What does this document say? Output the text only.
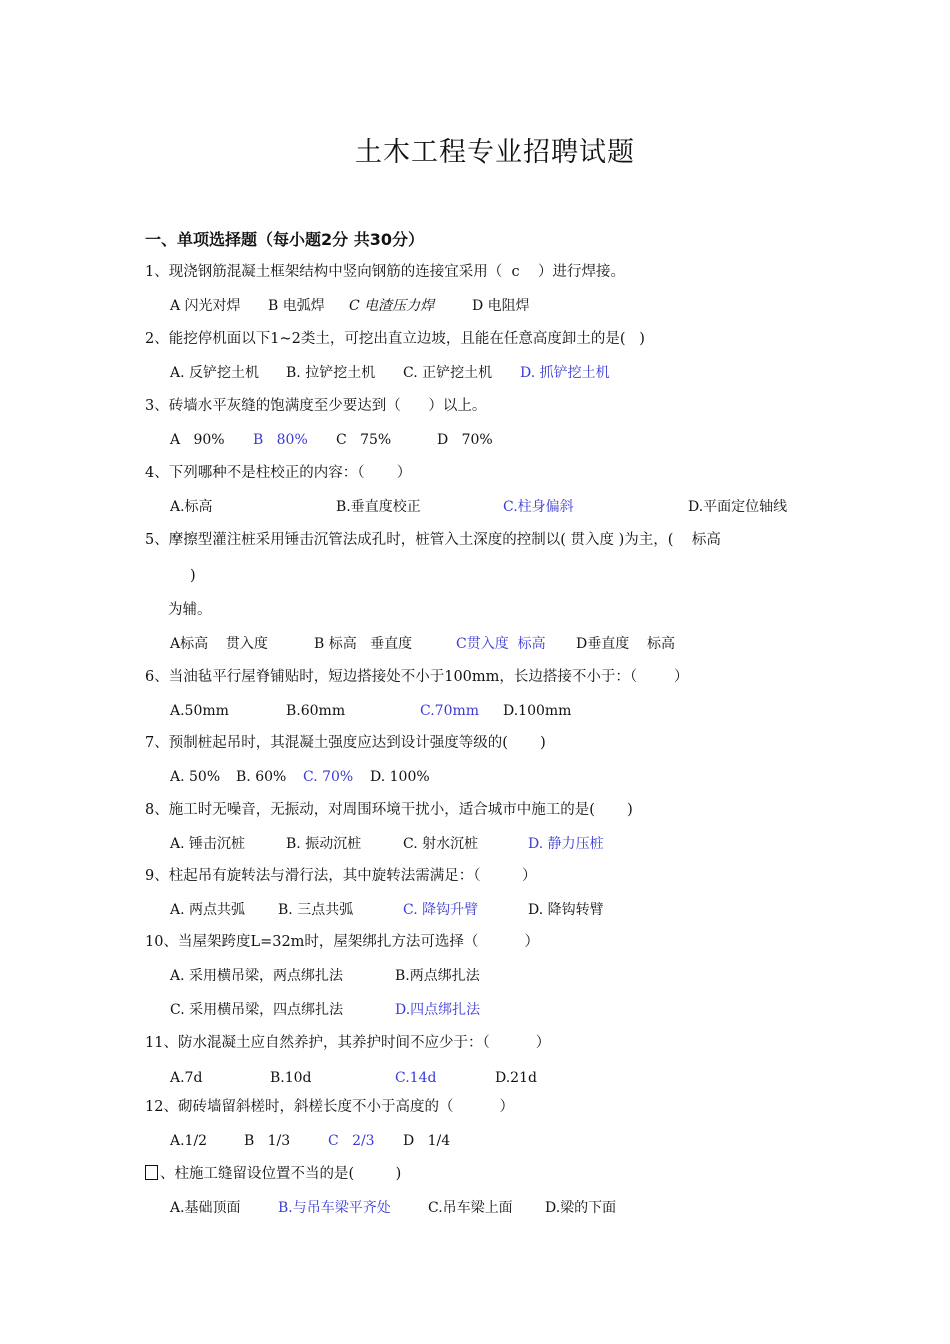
土木工程专业招聘试题
一、单项选择题（每小题2分 共30分）
1、现浇钢筋混凝土框架结构中竖向钢筋的连接宜采用（  c    ）进行焊接。
A 闪光对焊 B 电弧焊 C 电渣压力焊	D 电阻焊
2、能挖停机面以下1~2类土，可挖出直立边坡，且能在任意高度卸土的是(   )
A. 反铲挖土机 B. 拉铲挖土机 C. 正铲挖土机 D. 抓铲挖土机
3、砖墙水平灰缝的饱满度至少要达到（      ）以上。
A   90% B   80% C   75%	D   70%
4、下列哪种不是柱校正的内容：（       ）
A.标高	B.垂直度校正	C.柱身偏斜	D.平面定位轴线
5、摩擦型灌注桩采用锤击沉管法成孔时，桩管入土深度的控制以( 贯入度 )为主，(    标高
)
为辅。
A标高    贯入度	B 标高   垂直度	C贯入度  标高 D垂直度    标高
6、当油毡平行屋脊铺贴时，短边搭接处不小于100mm，长边搭接不小于：（        ）
A.50mm	B.60mm	C.70mm D.100mm
7、预制桩起吊时，其混凝土强度应达到设计强度等级的(       )
A. 50% B. 60% C. 70% D. 100%
8、施工时无噪音，无振动，对周围环境干扰小，适合城市中施工的是(       )
A. 锤击沉桩	B. 振动沉桩	C. 射水沉桩	D. 静力压桩
9、柱起吊有旋转法与滑行法，其中旋转法需满足：（         ）
A. 两点共弧 B. 三点共弧	C. 降钩升臂	D. 降钩转臂
10、当屋架跨度L=32m时，屋架绑扎方法可选择（          ）
A. 采用横吊梁，两点绑扎法	B.两点绑扎法
C. 采用横吊梁，四点绑扎法	D.四点绑扎法
11、防水混凝土应自然养护，其养护时间不应少于：（          ）
A.7d	B.10d	C.14d	D.21d
12、砌砖墙留斜槎时，斜槎长度不小于高度的（          ）
A.1/2	B   1/3	C   2/3 D   1/4
、柱施工缝留设位置不当的是(         )
A.基础顶面	B.与吊车梁平齐处	C.吊车梁上面 D.梁的下面
